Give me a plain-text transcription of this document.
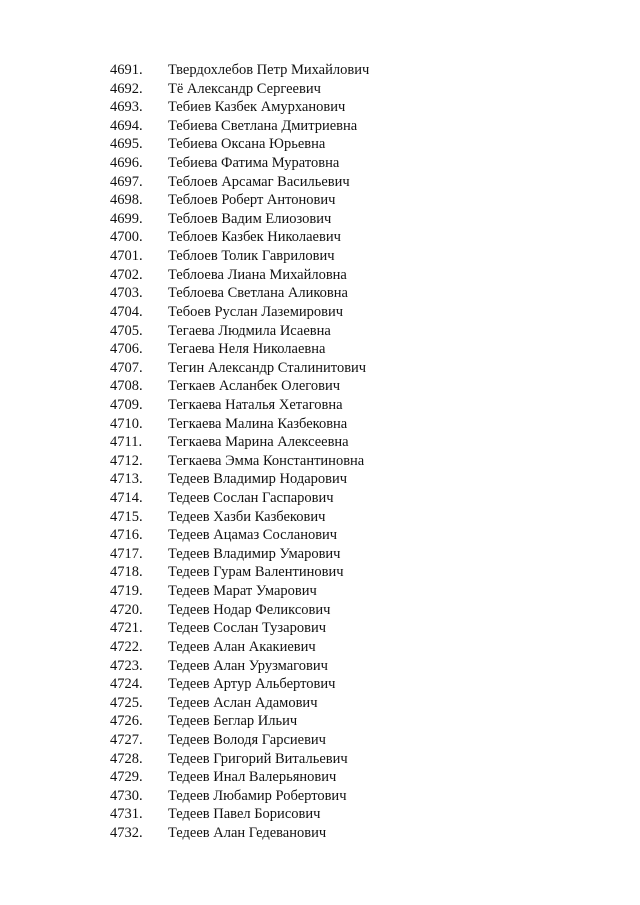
4691. Твердохлебов Петр Михайлович
4692. Тё Александр Сергеевич
4693. Тебиев Казбек Амурханович
4694. Тебиева Светлана Дмитриевна
4695. Тебиева Оксана Юрьевна
4696. Тебиева Фатима Муратовна
4697. Теблоев Арсамаг Васильевич
4698. Теблоев Роберт Антонович
4699. Теблоев Вадим Елиозович
4700. Теблоев Казбек Николаевич
4701. Теблоев Толик Гаврилович
4702. Теблоева Лиана Михайловна
4703. Теблоева Светлана Аликовна
4704. Тебоев Руслан Лаземирович
4705. Тегаева Людмила Исаевна
4706. Тегаева Неля Николаевна
4707. Тегин Александр Сталинитович
4708. Тегкаев Асланбек Олегович
4709. Тегкаева Наталья Хетаговна
4710. Тегкаева Малина Казбековна
4711. Тегкаева Марина Алексеевна
4712. Тегкаева Эмма Константиновна
4713. Тедеев Владимир Нодарович
4714. Тедеев Сослан Гаспарович
4715. Тедеев Хазби Казбекович
4716. Тедеев Ацамаз Сосланович
4717. Тедеев Владимир Умарович
4718. Тедеев Гурам Валентинович
4719. Тедеев Марат Умарович
4720. Тедеев Нодар Феликсович
4721. Тедеев Сослан Тузарович
4722. Тедеев Алан Акакиевич
4723. Тедеев Алан Урузмагович
4724. Тедеев Артур Альбертович
4725. Тедеев Аслан Адамович
4726. Тедеев Беглар Ильич
4727. Тедеев Володя Гарсиевич
4728. Тедеев Григорий Витальевич
4729. Тедеев Инал Валерьянович
4730. Тедеев Любамир Робертович
4731. Тедеев Павел Борисович
4732. Тедеев Алан Гедеванович
